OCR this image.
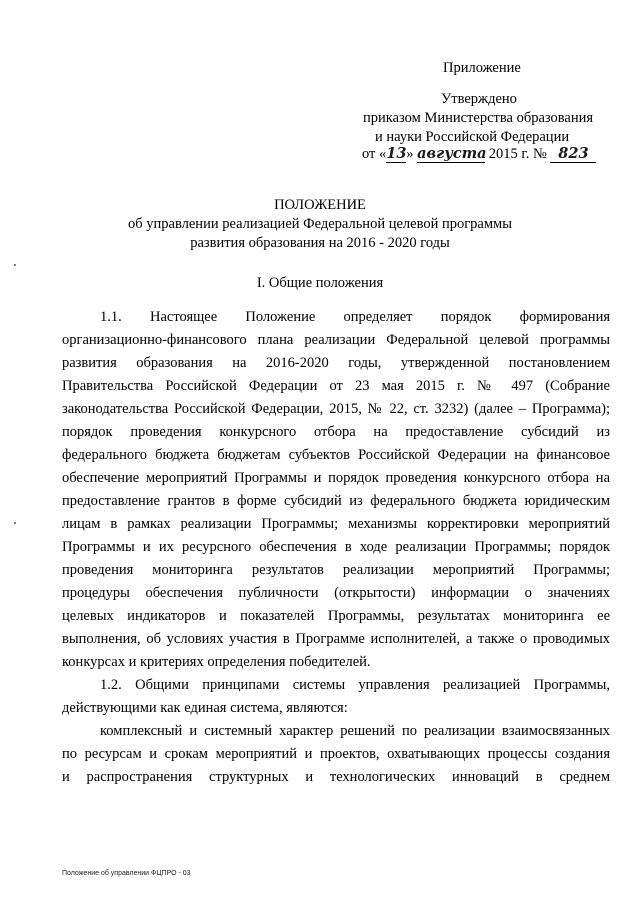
Приложение
Утверждено
приказом Министерства образования
и науки Российской Федерации
от «13» августа 2015 г. № 823
ПОЛОЖЕНИЕ
об управлении реализацией Федеральной целевой программы
развития образования на 2016 - 2020 годы
I. Общие положения
1.1. Настоящее Положение определяет порядок формирования
организационно-финансового плана реализации Федеральной целевой программы
развития образования на 2016-2020 годы, утвержденной постановлением
Правительства Российской Федерации от 23 мая 2015 г. № 497 (Собрание
законодательства Российской Федерации, 2015, № 22, ст. 3232) (далее – Программа);
порядок проведения конкурсного отбора на предоставление субсидий из
федерального бюджета бюджетам субъектов Российской Федерации на финансовое
обеспечение мероприятий Программы и порядок проведения конкурсного отбора на
предоставление грантов в форме субсидий из федерального бюджета юридическим
лицам в рамках реализации Программы; механизмы корректировки мероприятий
Программы и их ресурсного обеспечения в ходе реализации Программы; порядок
проведения мониторинга результатов реализации мероприятий Программы;
процедуры обеспечения публичности (открытости) информации о значениях
целевых индикаторов и показателей Программы, результатах мониторинга ее
выполнения, об условиях участия в Программе исполнителей, а также о проводимых
конкурсах и критериях определения победителей.
1.2. Общими принципами системы управления реализацией Программы,
действующими как единая система, являются:
комплексный и системный характер решений по реализации взаимосвязанных
по ресурсам и срокам мероприятий и проектов, охватывающих процессы создания
и распространения структурных и технологических инноваций в среднем
Положение об управлении ФЦПРО - 03
